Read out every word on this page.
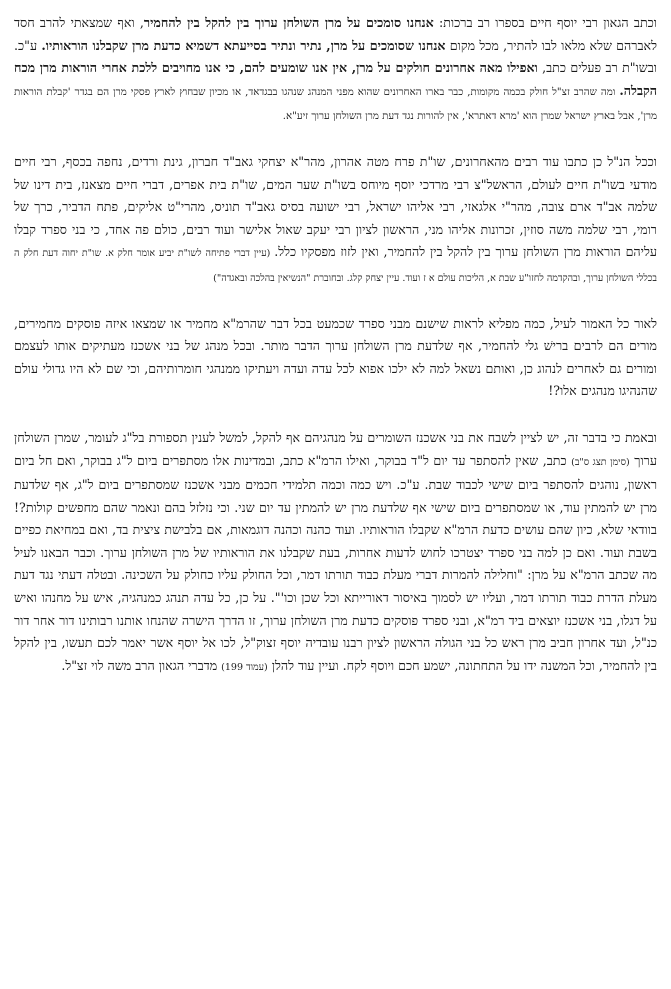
וכתב הגאון רבי יוסף חיים בספרו רב ברכות: אנחנו סומכים על מרן השולחן ערוך בין להקל בין להחמיר, ואף שמצאתי להרב חסד לאברהם שלא מלאו לבו להתיר, מכל מקום אנחנו שסומכים על מרן, נתיר ונתיר בסייעתא דשמיא כדעת מרן שקבלנו הוראותיו. ע"כ. ובשו"ת רב פעלים כתב, ואפילו מאה אחרונים חולקים על מרן, אין אנו שומעים להם, כי אנו מחויבים ללכת אחרי הוראות מרן מכח הקבלה. ומה שהרב זצ"ל חולק בכמה מקומות, כבר בארו האחרונים שהוא מפני המנהג שנהגו בבגדאד, או מכיון שבחוץ לארץ פסקי מרן הם בגדר 'קבלת הוראות מרן', אבל בארץ ישראל שמרן הוא 'מרא דאתרא', אין להורות נגד דעת מרן השולחן ערוך זיע"א.
וככל הנ"ל כן כתבו עוד רבים מהאחרונים, שו"ת פרח מטה אהרון, מהר"א יצחקי גאב"ד חברון, גינת ורדים, נחפה בכסף, רבי חיים מודעי בשו"ת חיים לעולם, הראשל"צ רבי מרדכי יוסף מיוחס בשו"ת שער המים, שו"ת בית אפרים, דברי חיים מצאנז, בית דינו של שלמה אב"ד ארם צובה, מהר"י אלגאזי, רבי אליהו ישראל, רבי ישועה בסיס גאב"ד תוניס, מהרי"ט אליקים, פתח הדביר, כרך של רומי, רבי שלמה משה סוזין, זכרונות אליהו מני, הראשון לציון רבי יעקב שאול אלישר ועוד רבים, כולם פה אחד, כי בני ספרד קבלו עליהם הוראות מרן השולחן ערוך בין להקל בין להחמיר, ואין לזוז מפסקיו כלל. (עיין דברי פתיחה לשו"ת יביע אומר חלק א. שו"ת יחוה דעת חלק ה בכללי השולחן ערוך, ובהקדמה לחזו"ע שבת א, הליכות עולם א ז ועוד. עיין יצחק קלג. ובחוברת "הנשיאין בהלכה ובאגדה")
לאור כל האמור לעיל, כמה מפליא לראות שישנם מבני ספרד שכמעט בכל דבר שהרמ"א מחמיר או שמצאו איזה פוסקים מחמירים, מורים הם לרבים ברישׁ גלי להחמיר, אף שלדעת מרן השולחן ערוך הדבר מותר. ובכל מנהג של בני אשכנז מעתיקים אותו לעצמם ומורים גם לאחרים לנהוג כן, ואותם נשאל למה לא ילכו אפוא לכל עדה ועדה ויעתיקו ממנהגי חומרותיהם, וכי שם לא היו גדולי עולם שהנהיגו מנהגים אלו?!
ובאמת כי בדבר זה, יש לציין לשבח את בני אשכנז השומרים על מנהגיהם אף להקל, למשל לענין תספורת בל"ג לעומר, שמרן השולחן ערוך (סימן תצג ס"ב) כתב, שאין להסתפר עד יום ל"ד בבוקר, ואילו הרמ"א כתב, ובמדינות אלו מסתפרים ביום ל"ג בבוקר, ואם חל ביום ראשון, נוהגים להסתפר ביום שישי לכבוד שבת. ע"כ. ויש כמה וכמה תלמידי חכמים מבני אשכנז שמסתפרים ביום ל"ג, אף שלדעת מרן יש להמתין עוד, או שמסתפרים ביום שישי אף שלדעת מרן יש להמתין עד יום שני. וכי נזלזל בהם ונאמר שהם מחפשים קולות?! בוודאי שלא, כיון שהם עושים כדעת הרמ"א שקבלו הוראותיו. ועוד כהנה וכהנה דוגמאות, אם בלבישת ציצית בד, ואם במחיאת כפיים בשבת ועוד. ואם כן למה בני ספרד יצטרכו לחוש לדעות אחרות, בעת שקבלנו את הוראותיו של מרן השולחן ערוך. וכבר הבאנו לעיל מה שכתב הרמ"א על מרן: "וחלילה להמרות דברי מעלת כבוד תורתו דמר, וכל החולק עליו כחולק על השכינה. ובטלה דעתי נגד דעת מעלת הדרת כבוד תורתו דמר, ועליו יש לסמוך באיסור דאורייתא וכל שכן וכו'". על כן, כל עדה תנהג כמנהגיה, איש על מחנהו ואיש על דגלו, בני אשכנז יוצאים ביד רמ"א, ובני ספרד פוסקים כדעת מרן השולחן ערוך, זו הדרך הישרה שהנחו אותנו רבותינו דור אחר דור כנ"ל, ועד אחרון חביב מרן ראש כל בני הגולה הראשון לציון רבנו עובדיה יוסף זצוק"ל, לכו אל יוסף אשר יאמר לכם תעשו, בין להקל בין להחמיר, וכל המשנה ידו על התחתונה, ישמע חכם ויוסף לקח. ועיין עוד להלן (עמוד 199) מדברי הגאון הרב משה לוי זצ"ל.
